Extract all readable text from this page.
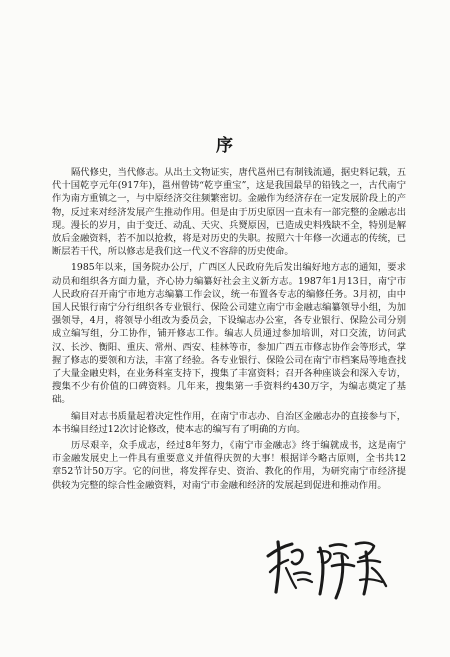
序

隔代修史，当代修志。从出土文物证实，唐代邕州已有制钱流通，据史料记载，五代十国乾亨元年(917年)，邕州曾铸“乾亨重宝”，这是我国最早的铅钱之一，古代南宁作为南方重镇之一，与中原经济交往频繁密切。金融作为经济存在一定发展阶段上的产物，反过来对经济发展产生推动作用。但是由于历史原因一直未有一部完整的金融志出现。漫长的岁月，由于变迁、动乱、天灾、兵燹原因，已造成史料残缺不全，特别是解放后金融资料，若不加以抢救，将是对历史的失职。按照六十年修一次通志的传统，已断层若干代，所以修志是我们这一代义不容辞的历史使命。

1985年以来，国务院办公厅，广西区人民政府先后发出编好地方志的通知，要求动员和组织各方面力量，齐心协力编纂好社会主义新方志。1987年1月13日，南宁市人民政府召开南宁市地方志编纂工作会议，统一布置各专志的编修任务。3月初，由中国人民银行南宁分行组织各专业银行、保险公司建立南宁市金融志编纂领导小组，为加强领导，4月，将领导小组改为委员会，下设编志办公室，各专业银行、保险公司分别成立编写组，分工协作，铺开修志工作。编志人员通过参加培训，对口交流，访问武汉、长沙、衡阳、重庆、常州、西安、桂林等市，参加广西五市修志协作会等形式，掌握了修志的要领和方法，丰富了经验。各专业银行、保险公司在南宁市档案局等地查找了大量金融史料，在业务科室支持下，搜集了丰富资料；召开各种座谈会和深入专访，搜集不少有价值的口碑资料。几年来，搜集第一手资料约430万字，为编志奠定了基础。

编目对志书质量起着决定性作用，在南宁市志办、自治区金融志办的直接参与下，本书编目经过12次讨论修改，使本志的编写有了明确的方向。

历尽艰辛，众手成志，经过8年努力，《南宁市金融志》终于编就成书，这是南宁市金融发展史上一件具有重要意义并值得庆贺的大事！根据详今略古原则，全书共12章52节计50万字。它的问世，将发挥存史、资治、教化的作用，为研究南宁市经济提供较为完整的综合性金融资料，对南宁市金融和经济的发展起到促进和推动作用。
